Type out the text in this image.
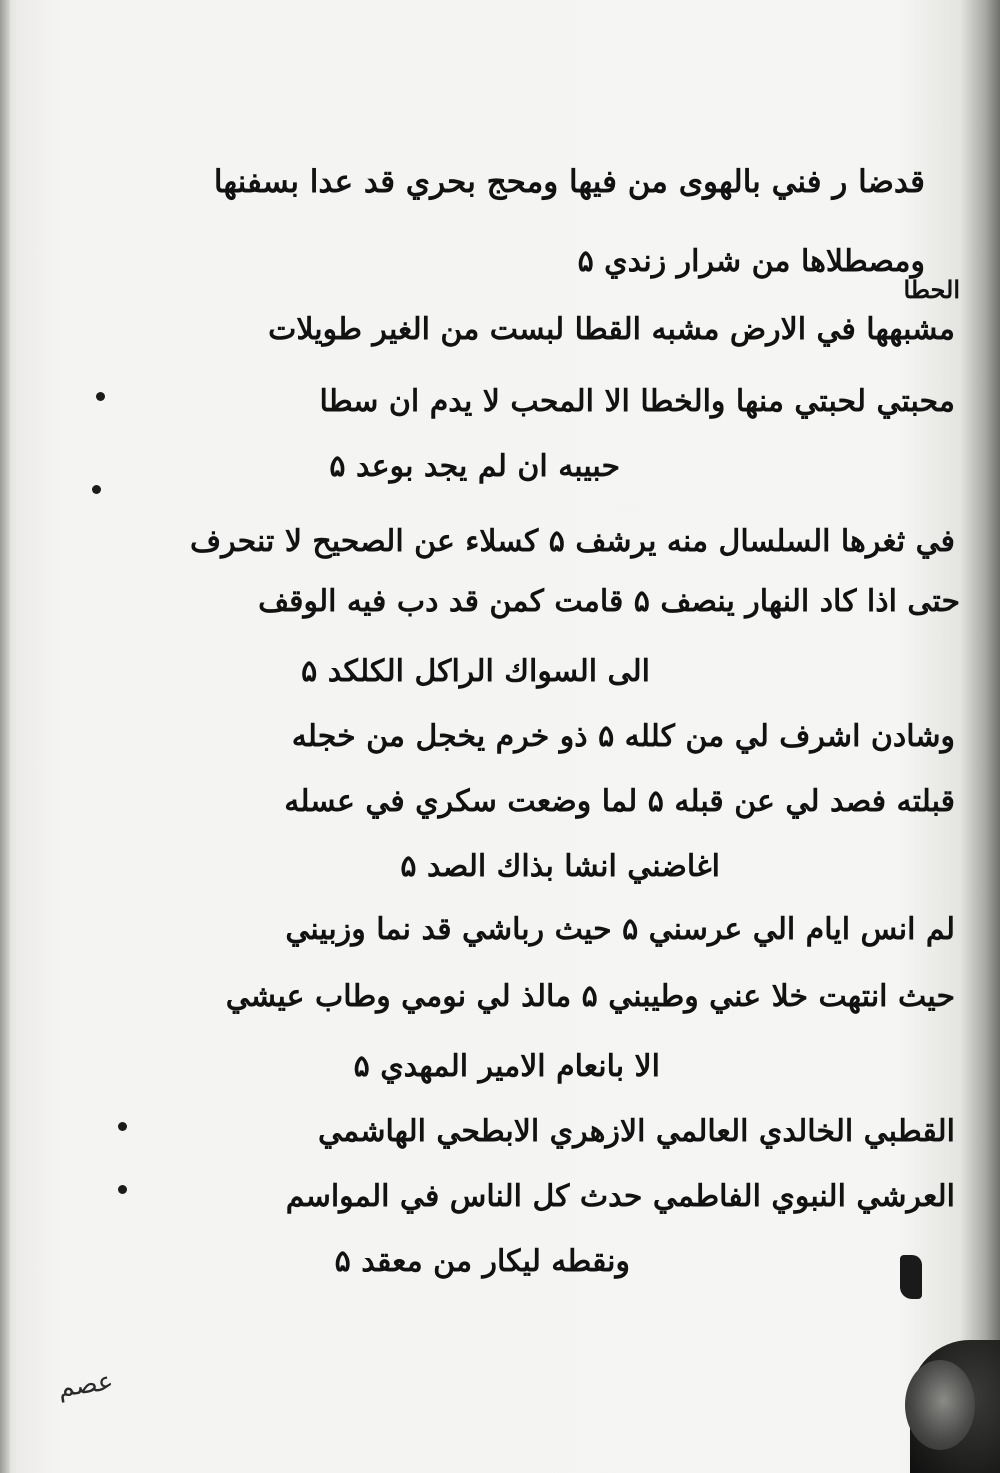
قدضا ر فني بالهوى من فيها ومحج بحري قد عدا بسفنها
ومصطلاها من شرار زندي ۵
الحطا
مشبهها في الارض مشبه القطا لبست من الغير طويلات
محبتي لحبتي منها والخطا الا المحب لا يدم ان سطا
حبيبه ان لم يجد بوعد ۵
في ثغرها السلسال منه يرشف ۵ كسلاء عن الصحيح لا تنحرف
حتى اذا كاد النهار ينصف ۵ قامت كمن قد دب فيه الوقف
الى السواك الراكل الكلكد ۵
وشادن اشرف لي من كلله ۵ ذو خرم يخجل من خجله
قبلته فصد لي عن قبله ۵ لما وضعت سكري في عسله
اغاضني انشا بذاك الصد ۵
لم انس ايام الي عرسني ۵ حيث رباشي قد نما وزبيني
حيث انتهت خلا عني وطيبني ۵ مالذ لي نومي وطاب عيشي
الا بانعام الامير المهدي ۵
القطبي الخالدي العالمي الازهري الابطحي الهاشمي
العرشي النبوي الفاطمي حدث كل الناس في المواسم
ونقطه ليكار من معقد ۵
عصم
